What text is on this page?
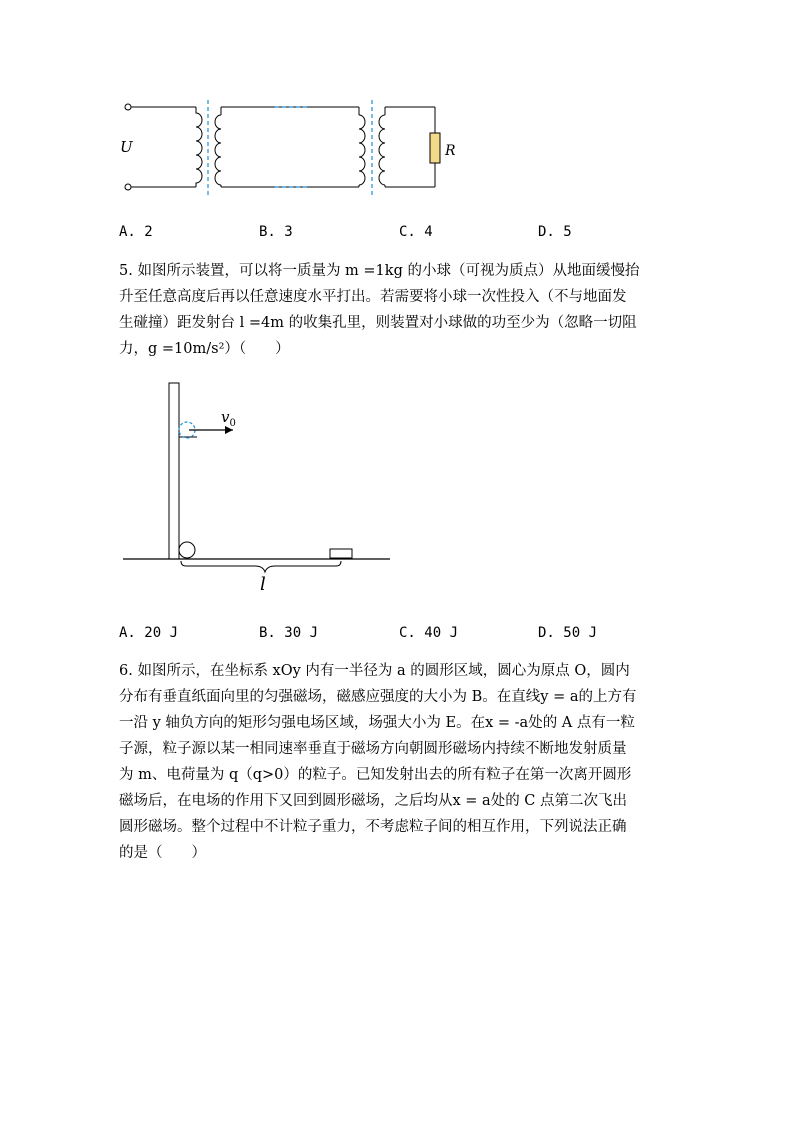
U	R
A. 2	B. 3	C. 4	D. 5
5. 如图所示装置，可以将一质量为 m =1kg 的小球（可视为质点）从地面缓慢抬
升至任意高度后再以任意速度水平打出。若需要将小球一次性投入（不与地面发
生碰撞）距发射台 l =4m 的收集孔里，则装置对小球做的功至少为（忽略一切阻
力，g =10m/s²）（　　）
$v_0$
l
A. 20 J	B. 30 J	C. 40 J	D. 50 J
6. 如图所示，在坐标系 xOy 内有一半径为 a 的圆形区域，圆心为原点 O，圆内
分布有垂直纸面向里的匀强磁场，磁感应强度的大小为 B。在直线y = a的上方有
一沿 y 轴负方向的矩形匀强电场区域，场强大小为 E。在x = -a处的 A 点有一粒
子源，粒子源以某一相同速率垂直于磁场方向朝圆形磁场内持续不断地发射质量
为 m、电荷量为 q（q>0）的粒子。已知发射出去的所有粒子在第一次离开圆形
磁场后，在电场的作用下又回到圆形磁场，之后均从x = a处的 C 点第二次飞出
圆形磁场。整个过程中不计粒子重力，不考虑粒子间的相互作用，下列说法正确
的是（　　）
